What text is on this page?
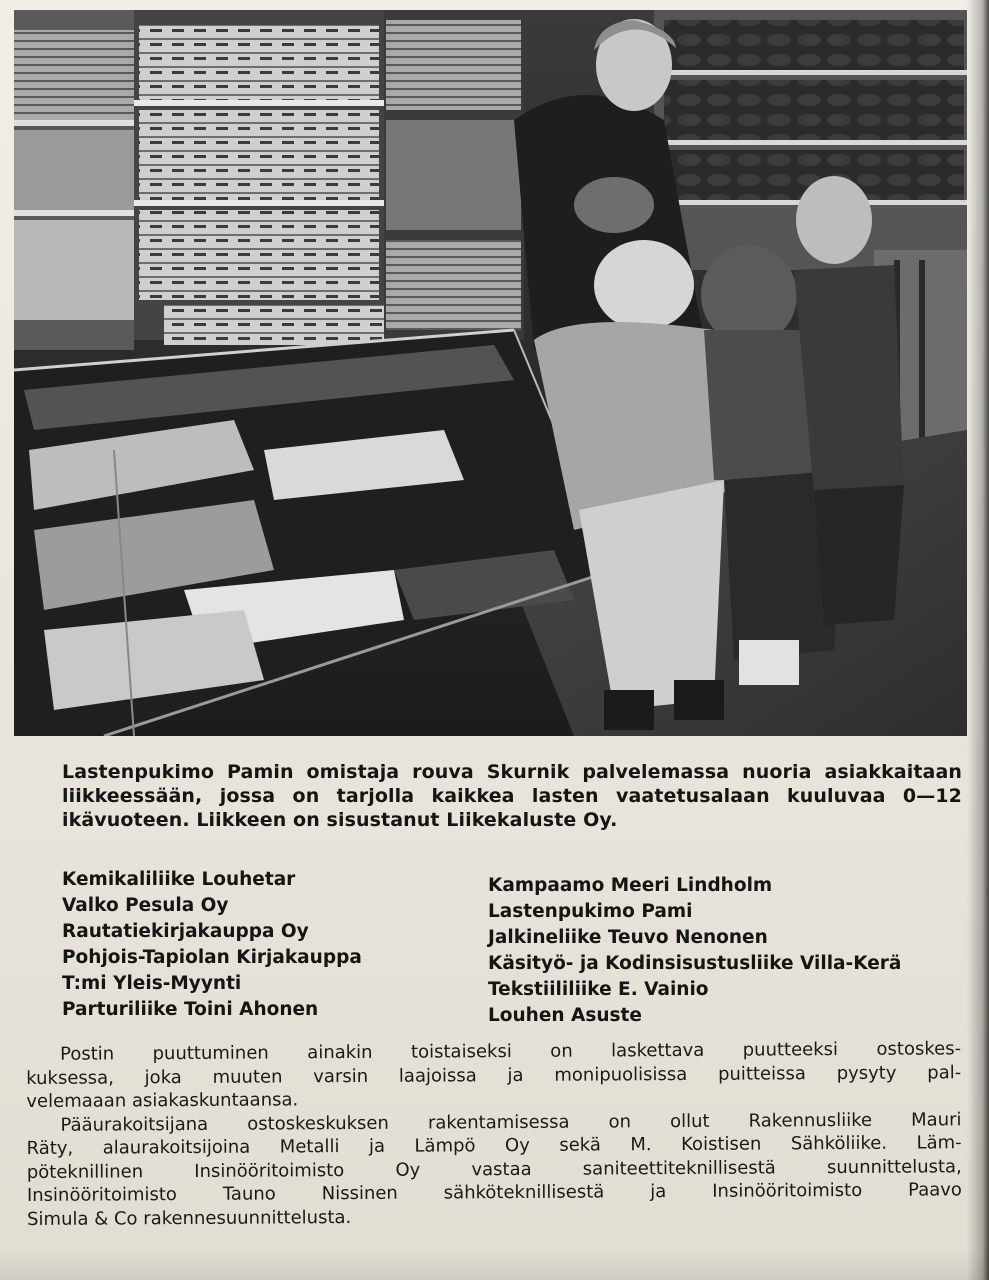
Lastenpukimo Pamin omistaja rouva Skurnik palvelemassa nuoria asiakkaitaan
liikkeessään, jossa on tarjolla kaikkea lasten vaatetusalaan kuuluvaa 0—12
ikävuoteen. Liikkeen on sisustanut Liikekaluste Oy.
Kemikaliliike Louhetar
Valko Pesula Oy
Rautatiekirjakauppa Oy
Pohjois-Tapiolan Kirjakauppa
T:mi Yleis-Myynti
Parturiliike Toini Ahonen
Kampaamo Meeri Lindholm
Lastenpukimo Pami
Jalkineliike Teuvo Nenonen
Käsityö- ja Kodinsisustusliike Villa-Kerä
Tekstiililiike E. Vainio
Louhen Asuste
Postin puuttuminen ainakin toistaiseksi on laskettava puutteeksi ostoskes-
kuksessa, joka muuten varsin laajoissa ja monipuolisissa puitteissa pysyty pal-
velemaaan asiakaskuntaansa.
Pääurakoitsijana ostoskeskuksen rakentamisessa on ollut Rakennusliike Mauri
Räty, alaurakoitsijoina Metalli ja Lämpö Oy sekä M. Koistisen Sähköliike. Läm-
pöteknillinen Insinööritoimisto Oy vastaa saniteettiteknillisestä suunnittelusta,
Insinööritoimisto Tauno Nissinen sähköteknillisestä ja Insinööritoimisto Paavo
Simula & Co rakennesuunnittelusta.
